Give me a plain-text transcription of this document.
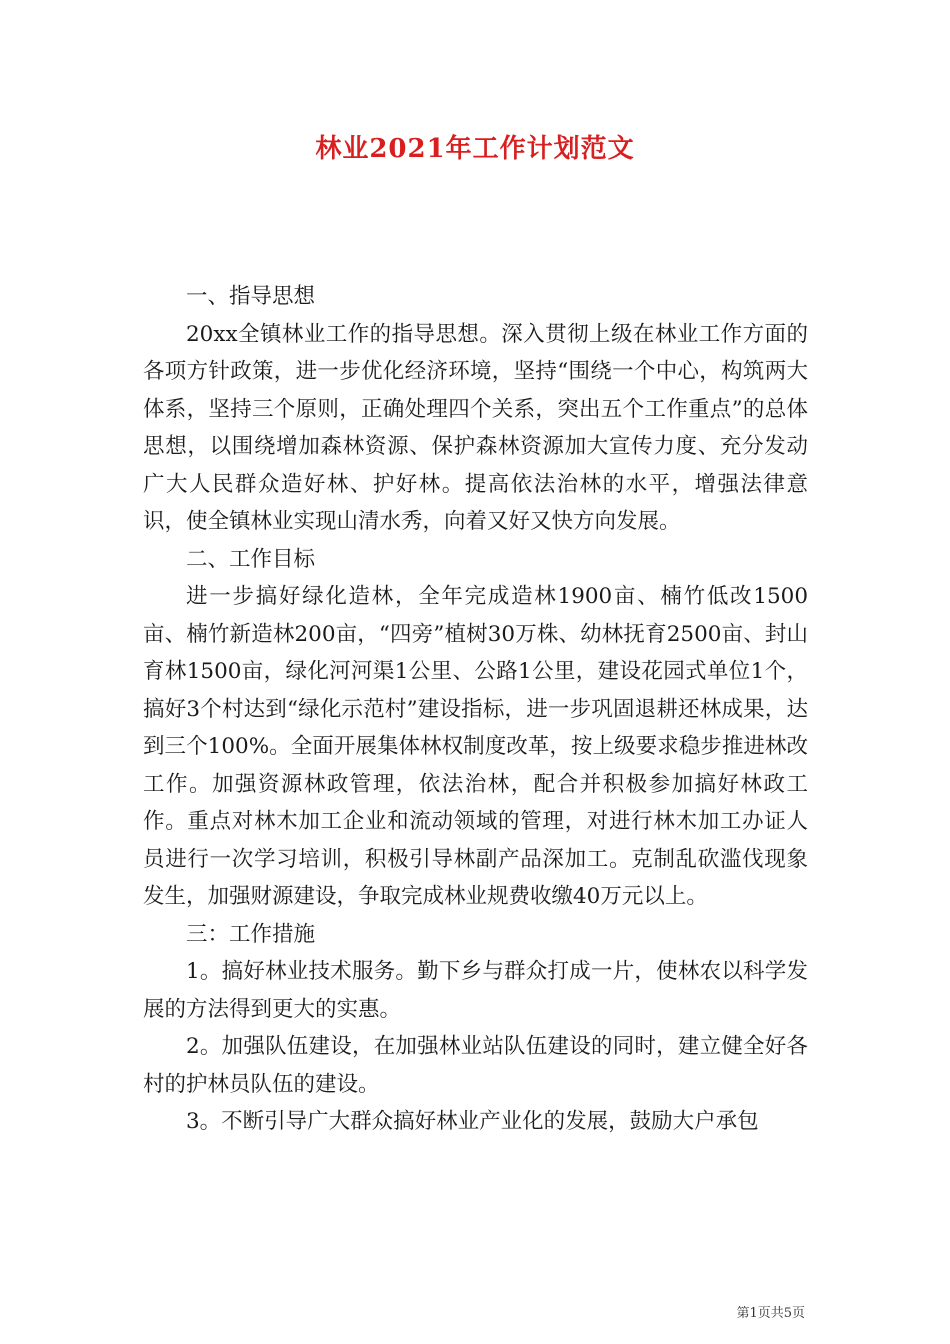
林业2021年工作计划范文

一、指导思想

20xx全镇林业工作的指导思想。深入贯彻上级在林业工作方面的各项方针政策，进一步优化经济环境，坚持“围绕一个中心，构筑两大体系，坚持三个原则，正确处理四个关系，突出五个工作重点”的总体思想，以围绕增加森林资源、保护森林资源加大宣传力度、充分发动广大人民群众造好林、护好林。提高依法治林的水平，增强法律意识，使全镇林业实现山清水秀，向着又好又快方向发展。

二、工作目标

进一步搞好绿化造林，全年完成造林1900亩、楠竹低改1500亩、楠竹新造林200亩，“四旁”植树30万株、幼林抚育2500亩、封山育林1500亩，绿化河河渠1公里、公路1公里，建设花园式单位1个，搞好3个村达到“绿化示范村”建设指标，进一步巩固退耕还林成果，达到三个100%。全面开展集体林权制度改革，按上级要求稳步推进林改工作。加强资源林政管理，依法治林，配合并积极参加搞好林政工作。重点对林木加工企业和流动领域的管理，对进行林木加工办证人员进行一次学习培训，积极引导林副产品深加工。克制乱砍滥伐现象发生，加强财源建设，争取完成林业规费收缴40万元以上。

三：工作措施

1。搞好林业技术服务。勤下乡与群众打成一片，使林农以科学发展的方法得到更大的实惠。

2。加强队伍建设，在加强林业站队伍建设的同时，建立健全好各村的护林员队伍的建设。

3。不断引导广大群众搞好林业产业化的发展，鼓励大户承包

第1页共5页
